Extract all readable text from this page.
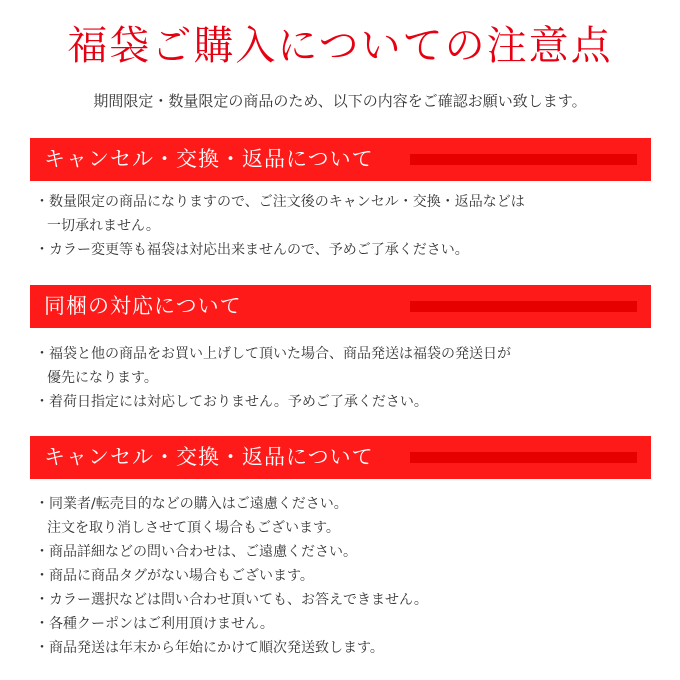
福袋ご購入についての注意点
期間限定・数量限定の商品のため、以下の内容をご確認お願い致します。
キャンセル・交換・返品について
・数量限定の商品になりますので、ご注文後のキャンセル・交換・返品などは
一切承れません。
・カラー変更等も福袋は対応出来ませんので、予めご了承ください。
同梱の対応について
・福袋と他の商品をお買い上げして頂いた場合、商品発送は福袋の発送日が
優先になります。
・着荷日指定には対応しておりません。予めご了承ください。
キャンセル・交換・返品について
・同業者/転売目的などの購入はご遠慮ください。
注文を取り消しさせて頂く場合もございます。
・商品詳細などの問い合わせは、ご遠慮ください。
・商品に商品タグがない場合もございます。
・カラー選択などは問い合わせ頂いても、お答えできません。
・各種クーポンはご利用頂けません。
・商品発送は年末から年始にかけて順次発送致します。
